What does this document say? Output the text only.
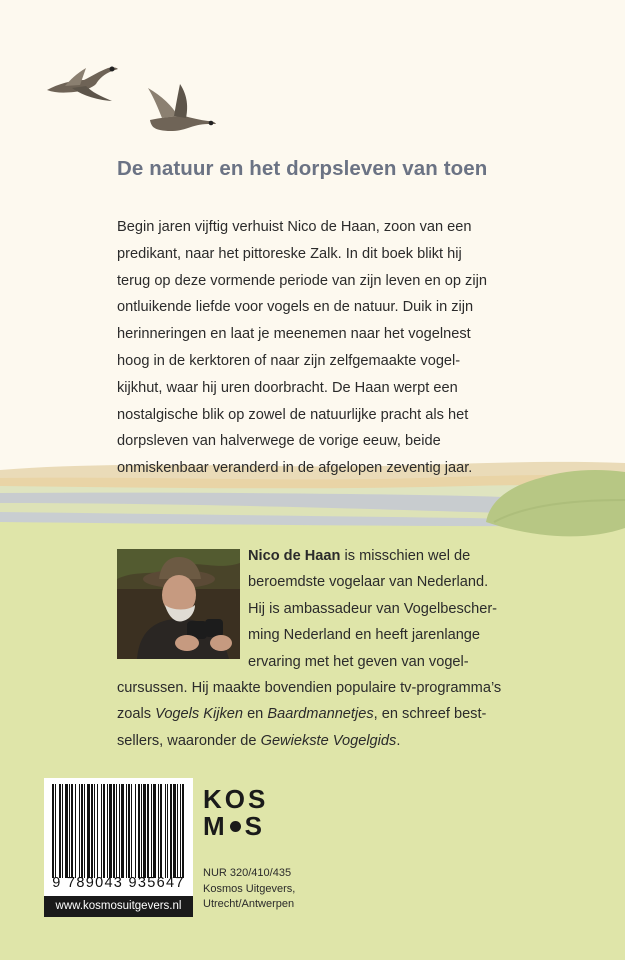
De natuur en het dorpsleven van toen
Begin jaren vijftig verhuist Nico de Haan, zoon van een
predikant, naar het pittoreske Zalk. In dit boek blikt hij
terug op deze vormende periode van zijn leven en op zijn
ontluikende liefde voor vogels en de natuur. Duik in zijn
herinneringen en laat je meenemen naar het vogelnest
hoog in de kerktoren of naar zijn zelfgemaakte vogel-
kijkhut, waar hij uren doorbracht. De Haan werpt een
nostalgische blik op zowel de natuurlijke pracht als het
dorpsleven van halverwege de vorige eeuw, beide
onmiskenbaar veranderd in de afgelopen zeventig jaar.
Nico de Haan is misschien wel de
beroemdste vogelaar van Nederland.
Hij is ambassadeur van Vogelbescher-
ming Nederland en heeft jarenlange
ervaring met het geven van vogel-
cursussen. Hij maakte bovendien populaire tv-programma’s
zoals Vogels Kijken en Baardmannetjes, en schreef best-
sellers, waaronder de Gewiekste Vogelgids.
9 789043 935647
www.kosmosuitgevers.nl
KOS
M S
NUR 320/410/435
Kosmos Uitgevers,
Utrecht/Antwerpen
